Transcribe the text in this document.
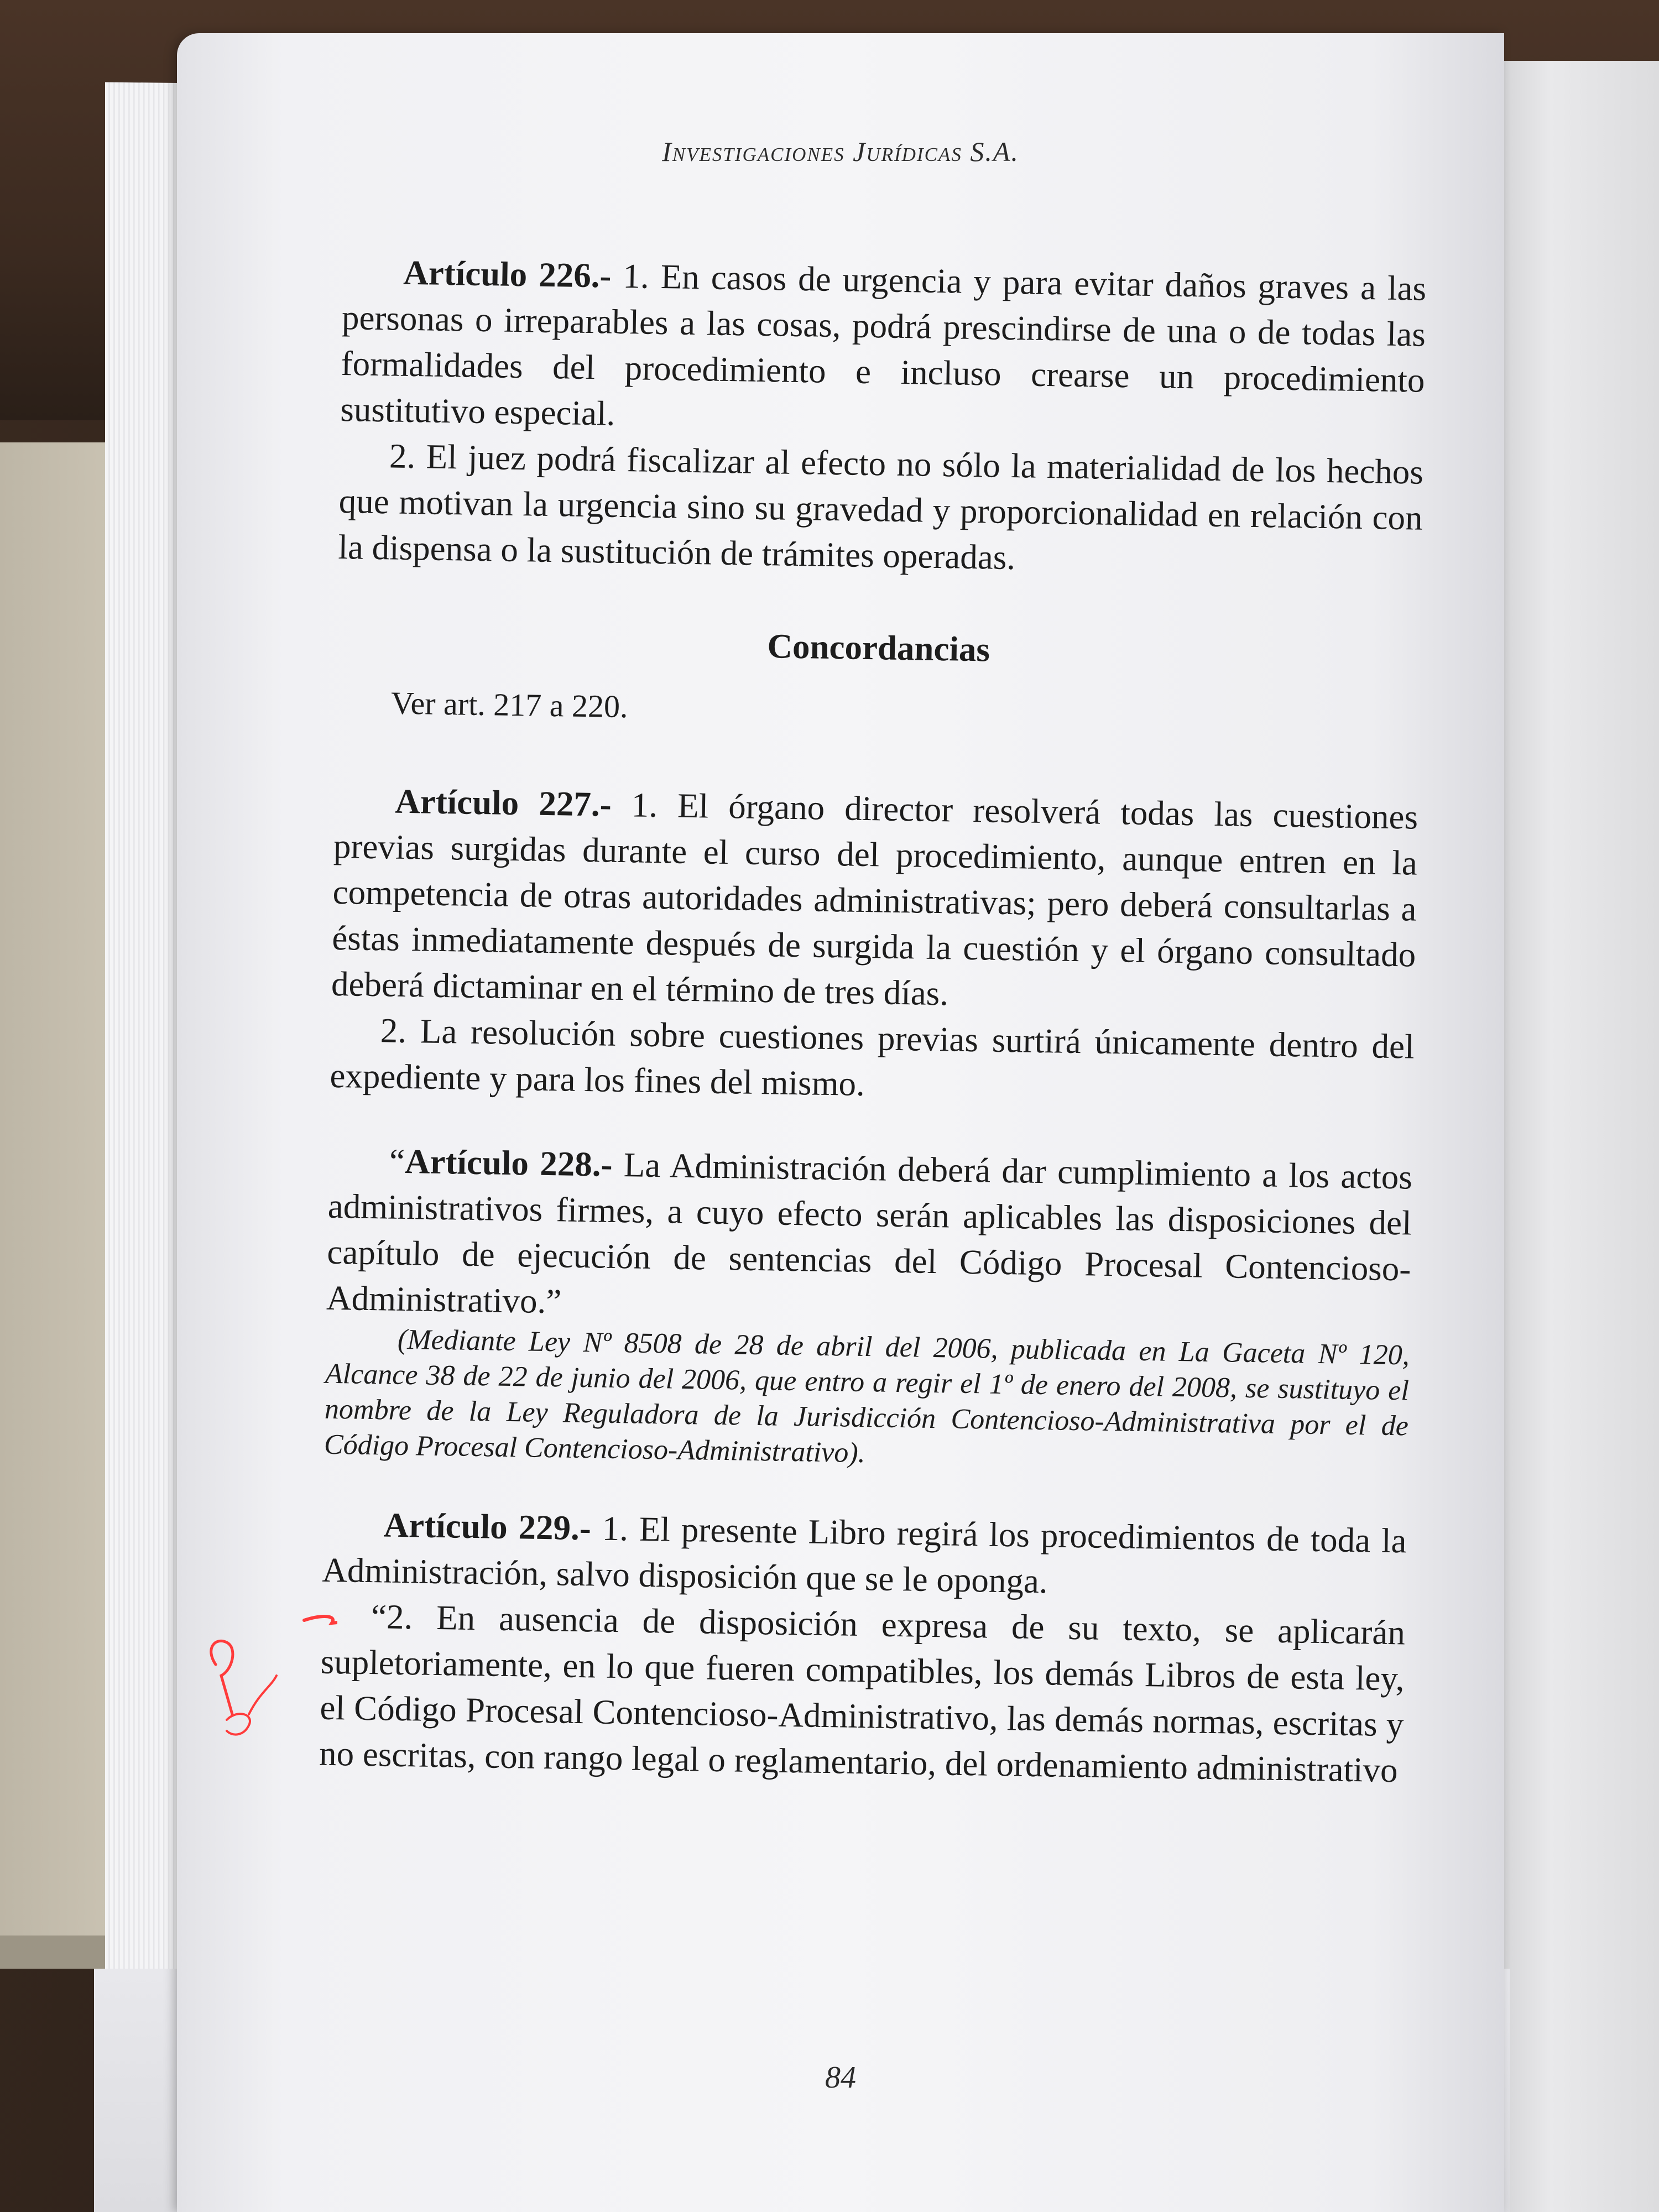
Investigaciones Jurídicas S.A.

Artículo 226.- 1. En casos de urgencia y para evitar daños graves a las personas o irreparables a las cosas, podrá prescindirse de una o de todas las formalidades del procedimiento e incluso crearse un procedimiento sustitutivo especial.

2. El juez podrá fiscalizar al efecto no sólo la materialidad de los hechos que motivan la urgencia sino su gravedad y proporcionalidad en relación con la dispensa o la sustitución de trámites operadas.

Concordancias

Ver art. 217 a 220.

Artículo 227.- 1. El órgano director resolverá todas las cuestiones previas surgidas durante el curso del procedimiento, aunque entren en la competencia de otras autoridades administrativas; pero deberá consultarlas a éstas inmediatamente después de surgida la cuestión y el órgano consultado deberá dictaminar en el término de tres días.

2. La resolución sobre cuestiones previas surtirá únicamente dentro del expediente y para los fines del mismo.

“Artículo 228.- La Administración deberá dar cumplimiento a los actos administrativos firmes, a cuyo efecto serán aplicables las disposiciones del capítulo de ejecución de sentencias del Código Procesal Contencioso-Administrativo.”

(Mediante Ley Nº 8508 de 28 de abril del 2006, publicada en La Gaceta Nº 120, Alcance 38 de 22 de junio del 2006, que entro a regir el 1º de enero del 2008, se sustituyo el nombre de la Ley Reguladora de la Jurisdicción Contencioso-Administrativa por el de Código Procesal Contencioso-Administrativo).

Artículo 229.- 1. El presente Libro regirá los procedimientos de toda la Administración, salvo disposición que se le oponga.

“2. En ausencia de disposición expresa de su texto, se aplicarán supletoriamente, en lo que fueren compatibles, los demás Libros de esta ley, el Código Procesal Contencioso-Administrativo, las demás normas, escritas y no escritas, con rango legal o reglamentario, del ordenamiento administrativo

84
